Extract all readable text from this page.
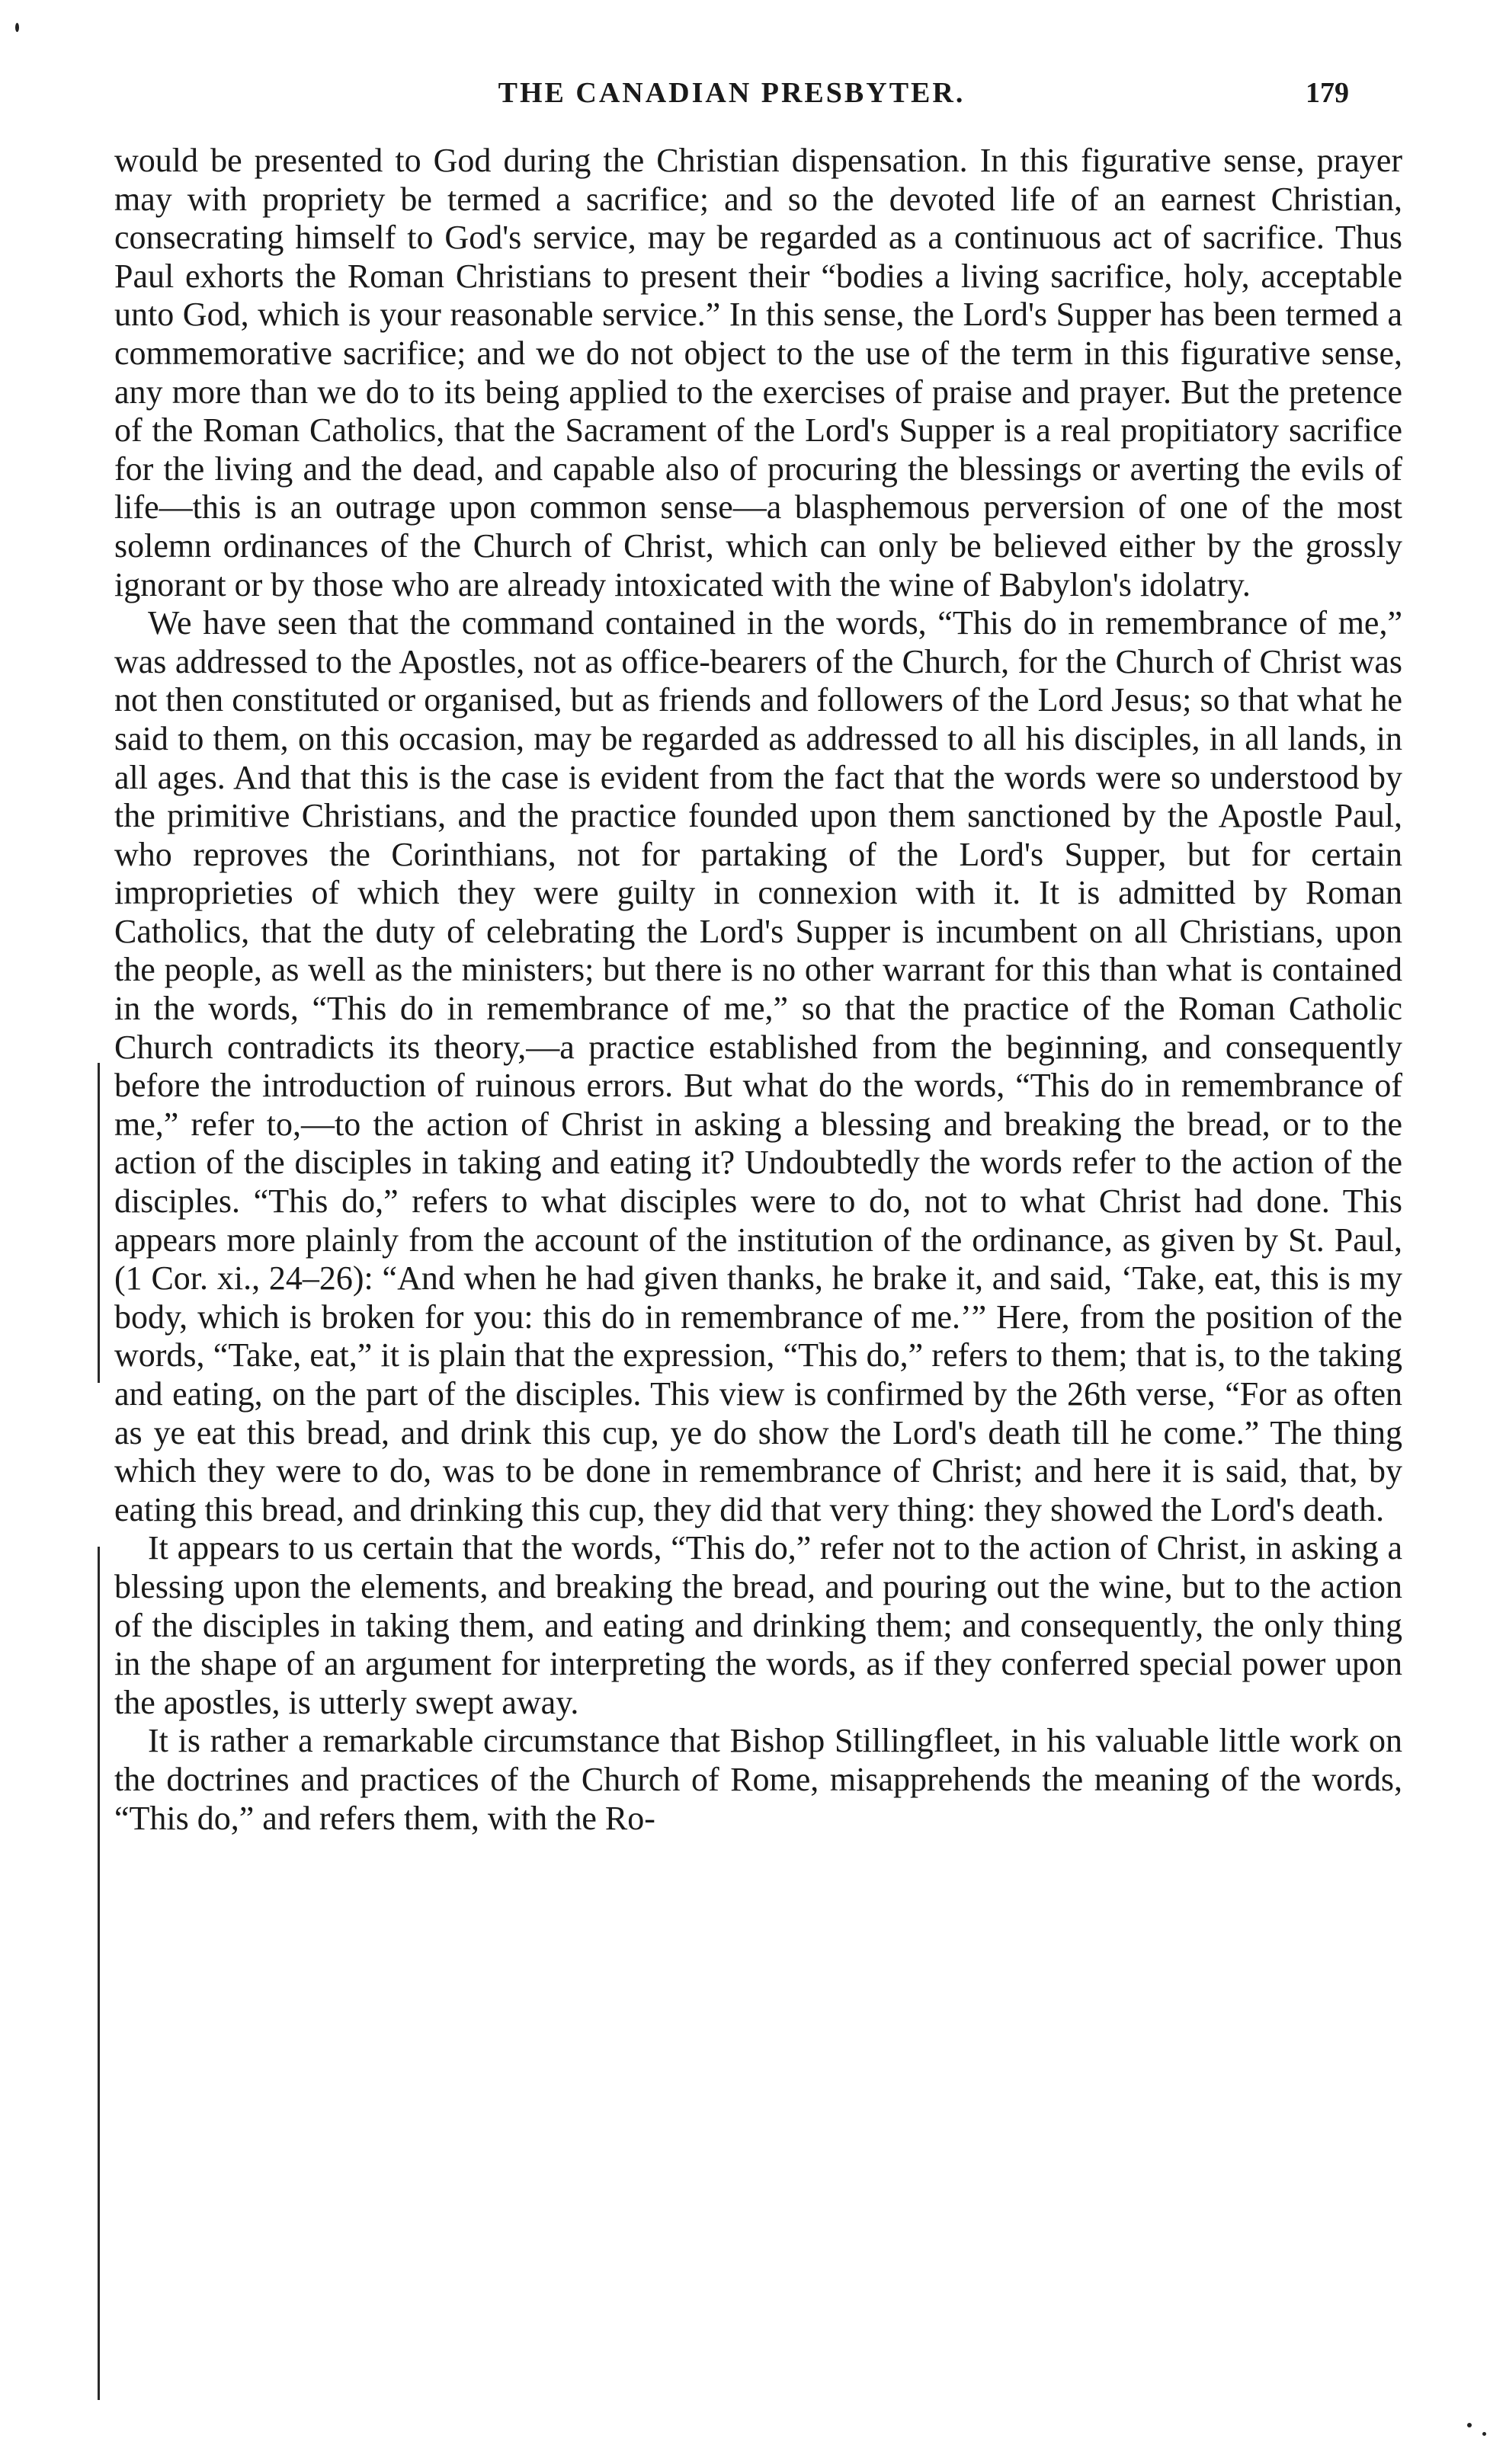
THE CANADIAN PRESBYTER.	179

would be presented to God during the Christian dispensation. In this figurative sense, prayer may with propriety be termed a sacrifice; and so the devoted life of an earnest Christian, consecrating himself to God's service, may be regarded as a continuous act of sacrifice. Thus Paul exhorts the Roman Christians to present their “bodies a living sacrifice, holy, acceptable unto God, which is your reasonable service.” In this sense, the Lord's Supper has been termed a commemorative sacrifice; and we do not object to the use of the term in this figurative sense, any more than we do to its being applied to the exercises of praise and prayer. But the pretence of the Roman Catholics, that the Sacrament of the Lord's Supper is a real propitiatory sacrifice for the living and the dead, and capable also of procuring the blessings or averting the evils of life—this is an outrage upon common sense—a blasphemous perversion of one of the most solemn ordinances of the Church of Christ, which can only be believed either by the grossly ignorant or by those who are already intoxicated with the wine of Babylon's idolatry.

We have seen that the command contained in the words, “This do in remembrance of me,” was addressed to the Apostles, not as office-bearers of the Church, for the Church of Christ was not then constituted or organised, but as friends and followers of the Lord Jesus; so that what he said to them, on this occasion, may be regarded as addressed to all his disciples, in all lands, in all ages. And that this is the case is evident from the fact that the words were so understood by the primitive Christians, and the practice founded upon them sanctioned by the Apostle Paul, who reproves the Corinthians, not for partaking of the Lord's Supper, but for certain improprieties of which they were guilty in connexion with it. It is admitted by Roman Catholics, that the duty of celebrating the Lord's Supper is incumbent on all Christians, upon the people, as well as the ministers; but there is no other warrant for this than what is contained in the words, “This do in remembrance of me,” so that the practice of the Roman Catholic Church contradicts its theory,—a practice established from the beginning, and consequently before the introduction of ruinous errors. But what do the words, “This do in remembrance of me,” refer to,—to the action of Christ in asking a blessing and breaking the bread, or to the action of the disciples in taking and eating it? Undoubtedly the words refer to the action of the disciples. “This do,” refers to what disciples were to do, not to what Christ had done. This appears more plainly from the account of the institution of the ordinance, as given by St. Paul, (1 Cor. xi., 24–26): “And when he had given thanks, he brake it, and said, ‘Take, eat, this is my body, which is broken for you: this do in remembrance of me.’” Here, from the position of the words, “Take, eat,” it is plain that the expression, “This do,” refers to them; that is, to the taking and eating, on the part of the disciples. This view is confirmed by the 26th verse, “For as often as ye eat this bread, and drink this cup, ye do show the Lord's death till he come.” The thing which they were to do, was to be done in remembrance of Christ; and here it is said, that, by eating this bread, and drinking this cup, they did that very thing: they showed the Lord's death.

It appears to us certain that the words, “This do,” refer not to the action of Christ, in asking a blessing upon the elements, and breaking the bread, and pouring out the wine, but to the action of the disciples in taking them, and eating and drinking them; and consequently, the only thing in the shape of an argument for interpreting the words, as if they conferred special power upon the apostles, is utterly swept away.

It is rather a remarkable circumstance that Bishop Stillingfleet, in his valuable little work on the doctrines and practices of the Church of Rome, misapprehends the meaning of the words, “This do,” and refers them, with the Ro-
